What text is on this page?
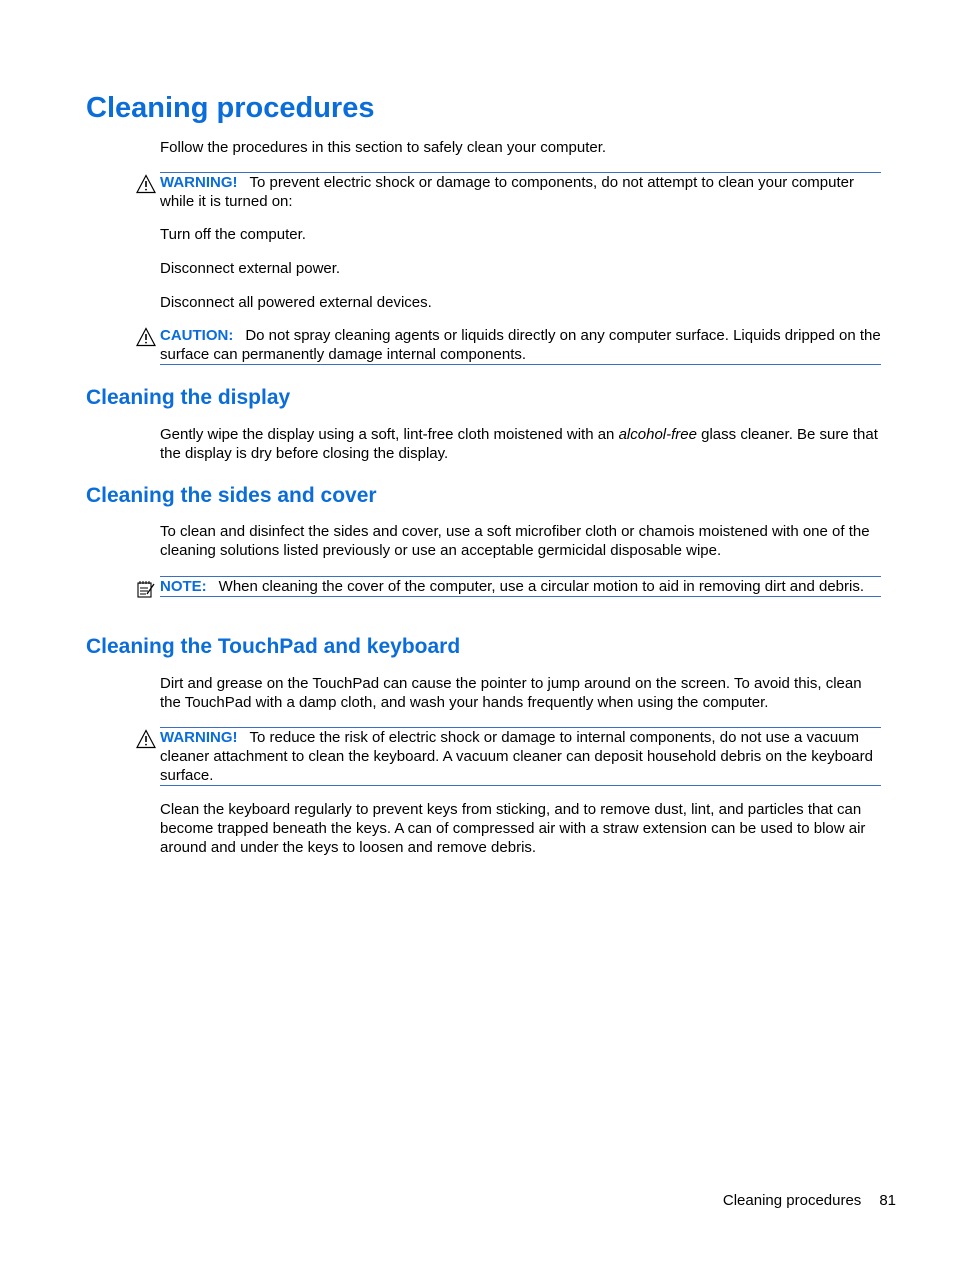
Cleaning procedures

Follow the procedures in this section to safely clean your computer.

WARNING! To prevent electric shock or damage to components, do not attempt to clean your computer while it is turned on:

Turn off the computer.

Disconnect external power.

Disconnect all powered external devices.

CAUTION: Do not spray cleaning agents or liquids directly on any computer surface. Liquids dripped on the surface can permanently damage internal components.
Cleaning the display

Gently wipe the display using a soft, lint-free cloth moistened with an alcohol-free glass cleaner. Be sure that the display is dry before closing the display.

Cleaning the sides and cover

To clean and disinfect the sides and cover, use a soft microfiber cloth or chamois moistened with one of the cleaning solutions listed previously or use an acceptable germicidal disposable wipe.

NOTE: When cleaning the cover of the computer, use a circular motion to aid in removing dirt and debris.
Cleaning the TouchPad and keyboard

Dirt and grease on the TouchPad can cause the pointer to jump around on the screen. To avoid this, clean the TouchPad with a damp cloth, and wash your hands frequently when using the computer.

WARNING! To reduce the risk of electric shock or damage to internal components, do not use a vacuum cleaner attachment to clean the keyboard. A vacuum cleaner can deposit household debris on the keyboard surface.

Clean the keyboard regularly to prevent keys from sticking, and to remove dust, lint, and particles that can become trapped beneath the keys. A can of compressed air with a straw extension can be used to blow air around and under the keys to loosen and remove debris.

Cleaning procedures 81
